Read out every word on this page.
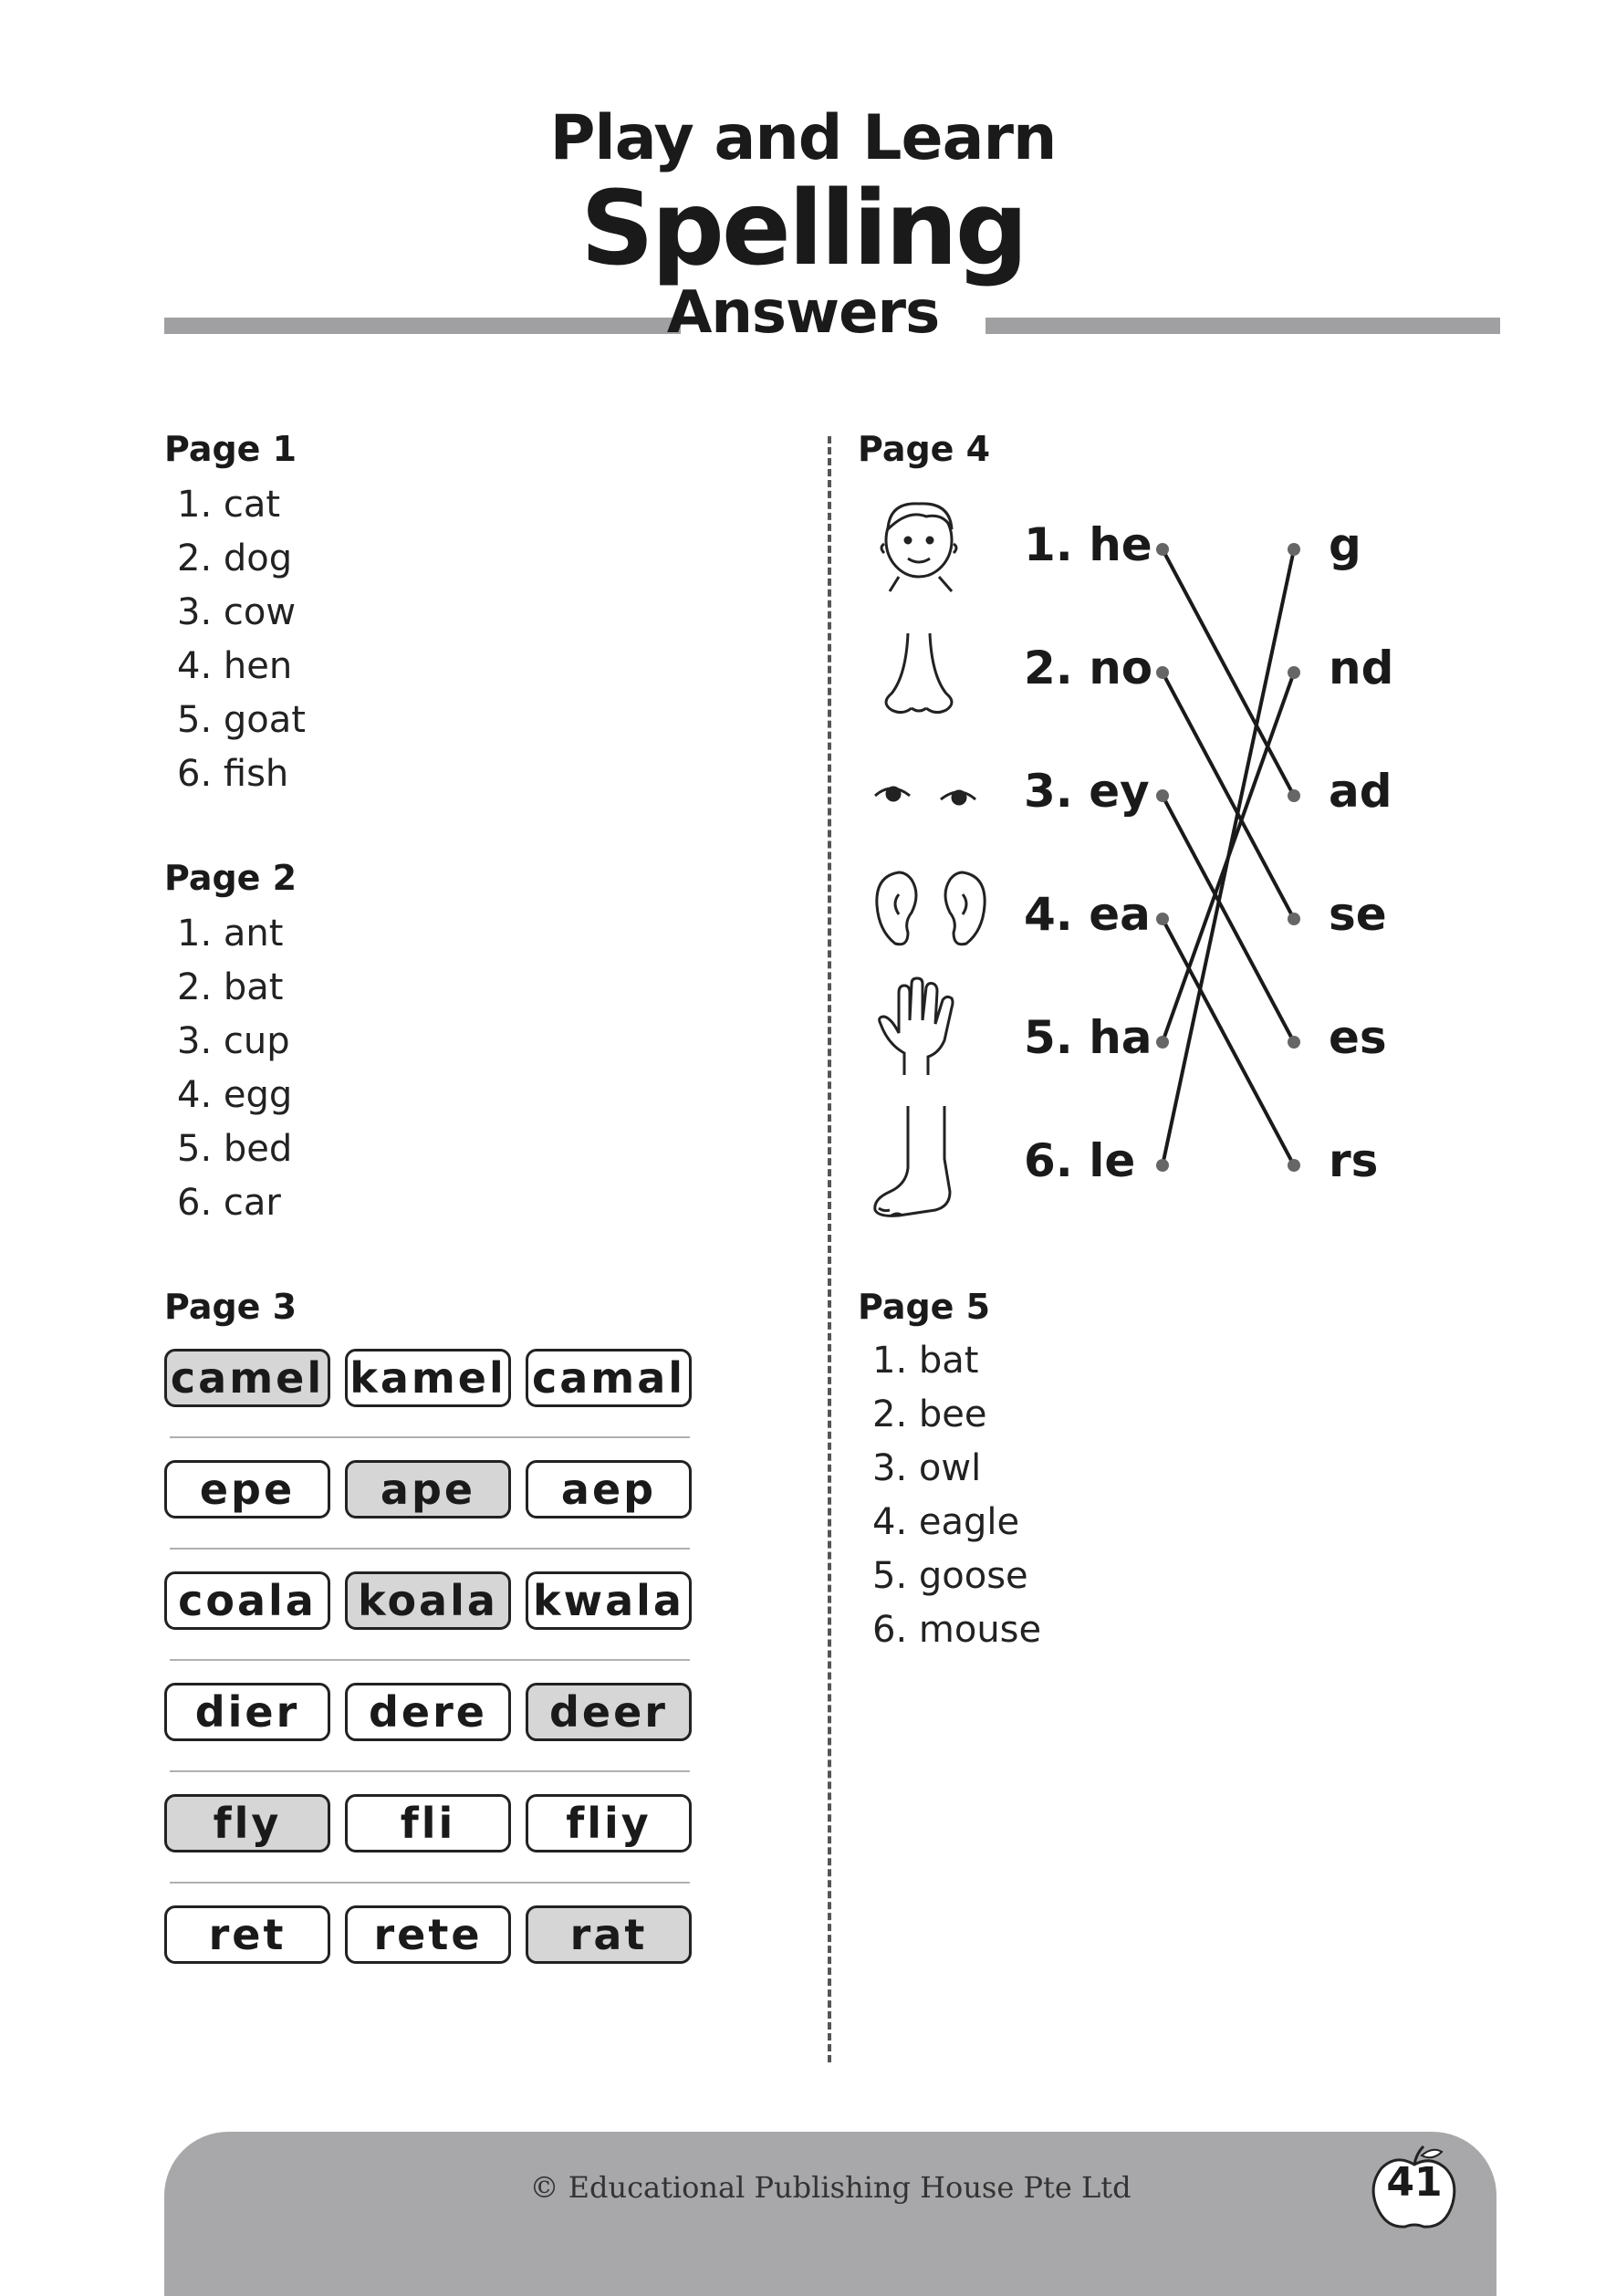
Play and Learn
Spelling
Answers
Page 1
1. cat
2. dog
3. cow
4. hen
5. goat
6. fish
Page 2
1. ant
2. bat
3. cup
4. egg
5. bed
6. car
Page 3
camel kamel camal
epe	ape	aep
coala koala kwala
dier	dere	deer
fly	fli	fliy
ret	rete	rat
Page 4
1. he
2. no
3. ey
4. ea
5. ha
6. le
g
nd
ad
se
es
rs
Page 5
1. bat
2. bee
3. owl
4. eagle
5. goose
6. mouse
© Educational Publishing House Pte Ltd	41
